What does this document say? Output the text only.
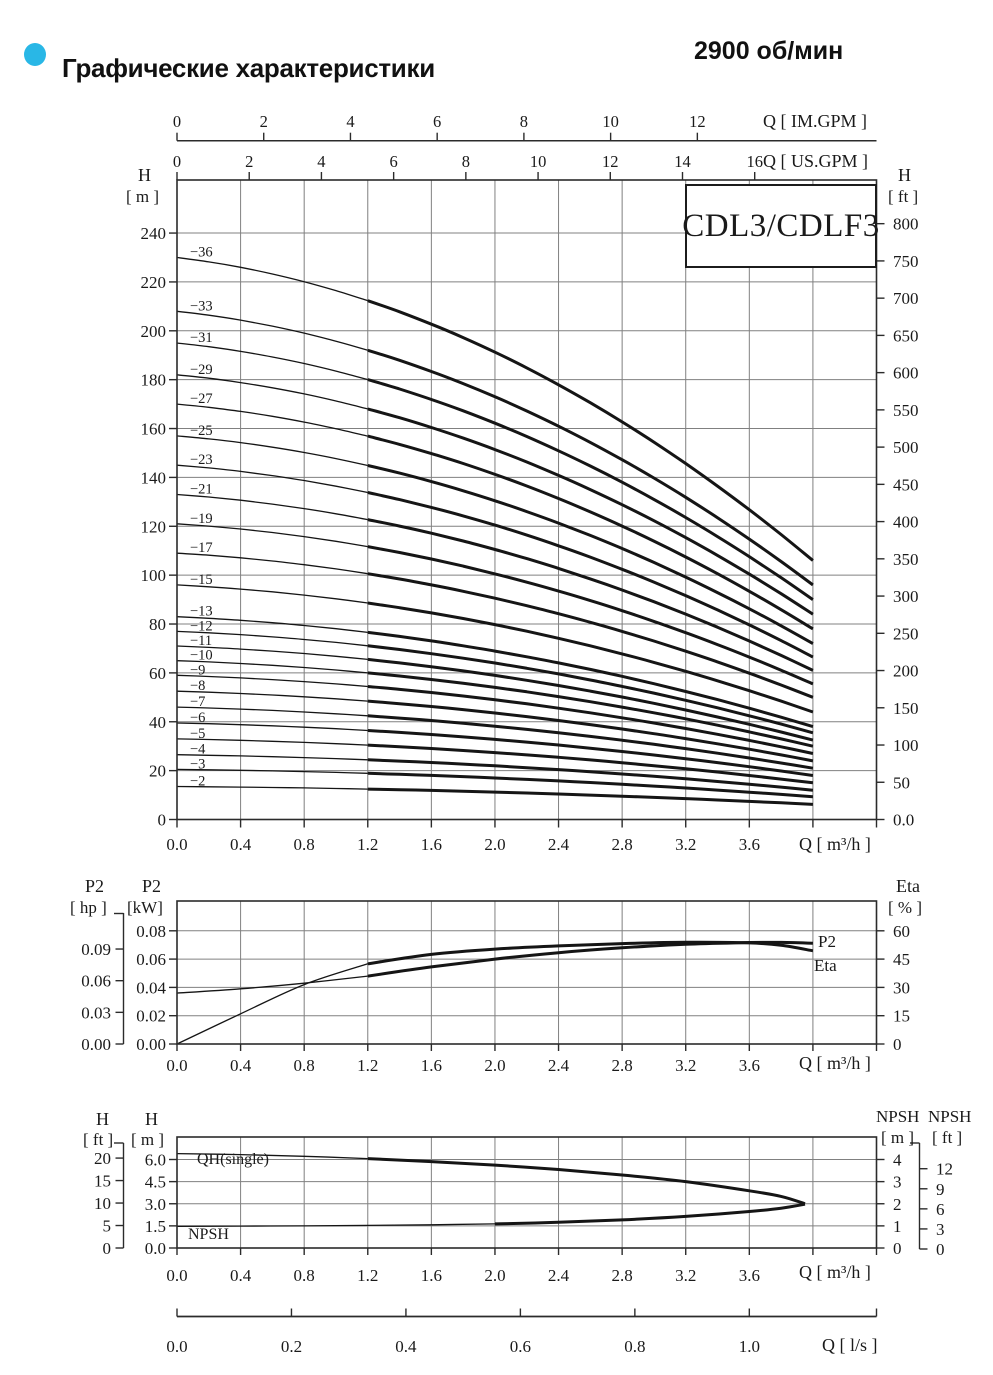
−36
−33
−31
−29
−27
−25
−23
−21
−19
−17
−15
−13
−12
−11
−10
−9
−8
−7
−6
−5
−4
−3
−2
0
20
40
60
80
100
120
140
160
180
200
220
240
0.0
50
100
150
200
250
300
350
400
450
500
550
600
650
700
750
800
0.0 0.4 0.8 1.2 1.6 2.0 2.4 2.8 3.2 3.6
0	2	4	6	8	10	12	14	16
0	2	4	6	8	10	12
0.00
0.02
0.04
0.06
0.08
0
15
30
45
60
0.0 0.4 0.8 1.2 1.6 2.0 2.4 2.8 3.2 3.6
0.00
0.03
0.06
0.09
0.0
1.5
3.0
4.5
6.0
0
1
2
3
4
0.0 0.4 0.8 1.2 1.6 2.0 2.4 2.8 3.2 3.6
0
5
10
15
20
0
3
6
9
12
0.0	0.2	0.4	0.6	0.8	1.0
Графические характеристики
2900 об/мин
CDL3/CDLF3
Q [ IM.GPM ]
Q [ US.GPM ]
H
[ m ]
H
[ ft ]
Q [ m³/h ]
P2
[ hp ]
P2
[kW]
Eta
[ % ]
P2
Eta
Q [ m³/h ]
H
[ ft ]
H
[ m ]
NPSH
[ m ]
NPSH
[ ft ]
QH(single)
NPSH
Q [ m³/h ]
Q [ l/s ]
